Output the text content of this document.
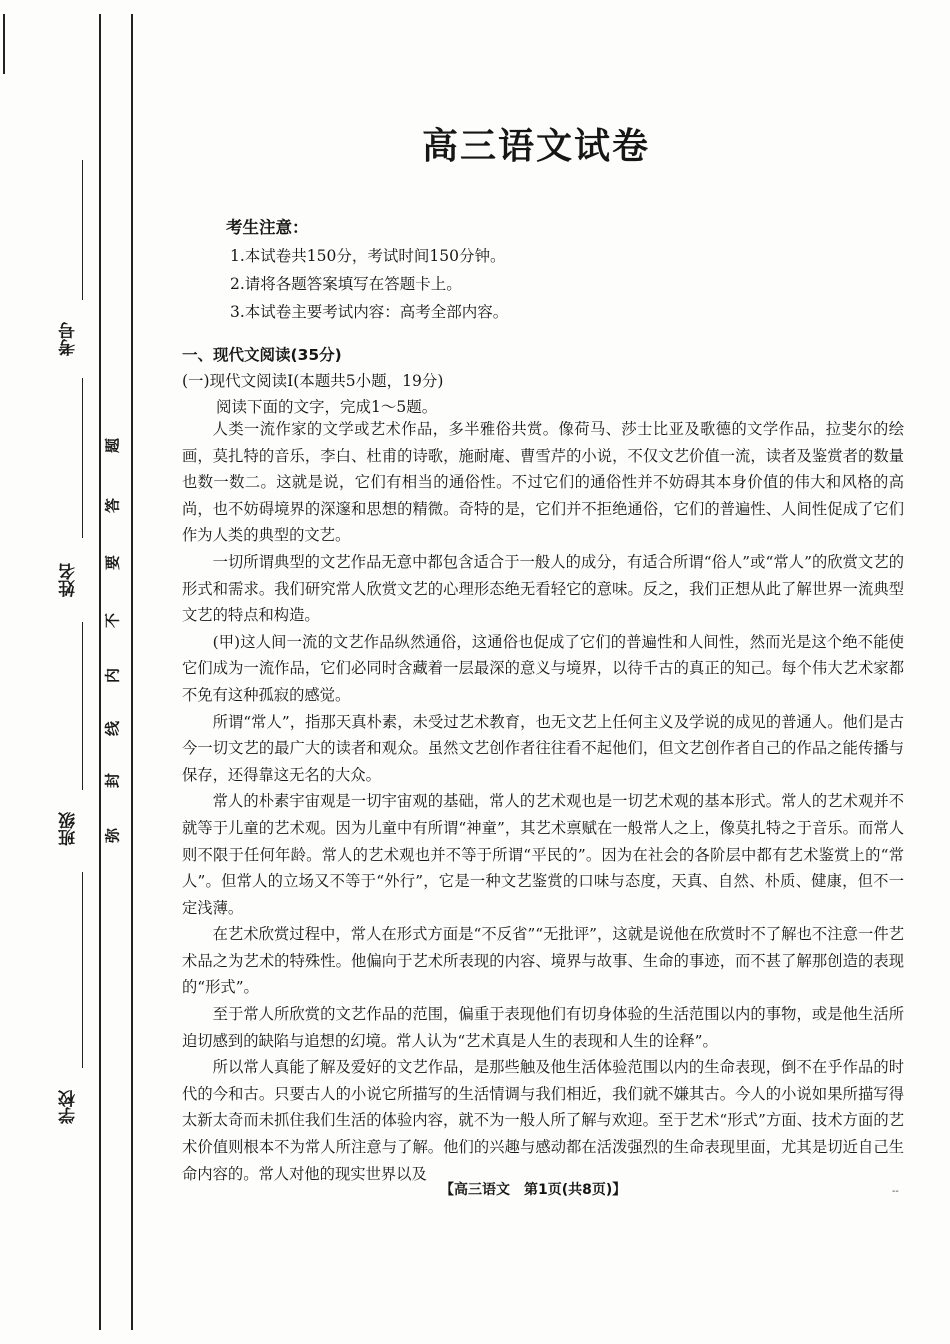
考号
姓名
班级
学校
弥
封
线
内
不
要
答
题
高三语文试卷
考生注意：
1.本试卷共150分，考试时间150分钟。
2.请将各题答案填写在答题卡上。
3.本试卷主要考试内容：高考全部内容。
一、现代文阅读(35分)
(一)现代文阅读Ⅰ(本题共5小题，19分)
阅读下面的文字，完成1～5题。

人类一流作家的文学或艺术作品，多半雅俗共赏。像荷马、莎士比亚及歌德的文学作品，拉斐尔的绘画，莫扎特的音乐，李白、杜甫的诗歌，施耐庵、曹雪芹的小说，不仅文艺价值一流，读者及鉴赏者的数量也数一数二。这就是说，它们有相当的通俗性。不过它们的通俗性并不妨碍其本身价值的伟大和风格的高尚，也不妨碍境界的深邃和思想的精微。奇特的是，它们并不拒绝通俗，它们的普遍性、人间性促成了它们作为人类的典型的文艺。

一切所谓典型的文艺作品无意中都包含适合于一般人的成分，有适合所谓“俗人”或“常人”的欣赏文艺的形式和需求。我们研究常人欣赏文艺的心理形态绝无看轻它的意味。反之，我们正想从此了解世界一流典型文艺的特点和构造。

(甲)这人间一流的文艺作品纵然通俗，这通俗也促成了它们的普遍性和人间性，然而光是这个绝不能使它们成为一流作品，它们必同时含藏着一层最深的意义与境界，以待千古的真正的知己。每个伟大艺术家都不免有这种孤寂的感觉。

所谓“常人”，指那天真朴素，未受过艺术教育，也无文艺上任何主义及学说的成见的普通人。他们是古今一切文艺的最广大的读者和观众。虽然文艺创作者往往看不起他们，但文艺创作者自己的作品之能传播与保存，还得靠这无名的大众。

常人的朴素宇宙观是一切宇宙观的基础，常人的艺术观也是一切艺术观的基本形式。常人的艺术观并不就等于儿童的艺术观。因为儿童中有所谓“神童”，其艺术禀赋在一般常人之上，像莫扎特之于音乐。而常人则不限于任何年龄。常人的艺术观也并不等于所谓“平民的”。因为在社会的各阶层中都有艺术鉴赏上的“常人”。但常人的立场又不等于“外行”，它是一种文艺鉴赏的口味与态度，天真、自然、朴质、健康，但不一定浅薄。

在艺术欣赏过程中，常人在形式方面是“不反省”“无批评”，这就是说他在欣赏时不了解也不注意一件艺术品之为艺术的特殊性。他偏向于艺术所表现的内容、境界与故事、生命的事迹，而不甚了解那创造的表现的“形式”。

至于常人所欣赏的文艺作品的范围，偏重于表现他们有切身体验的生活范围以内的事物，或是他生活所迫切感到的缺陷与追想的幻境。常人认为“艺术真是人生的表现和人生的诠释”。

所以常人真能了解及爱好的文艺作品，是那些触及他生活体验范围以内的生命表现，倒不在乎作品的时代的今和古。只要古人的小说它所描写的生活情调与我们相近，我们就不嫌其古。今人的小说如果所描写得太新太奇而未抓住我们生活的体验内容，就不为一般人所了解与欢迎。至于艺术“形式”方面、技术方面的艺术价值则根本不为常人所注意与了解。他们的兴趣与感动都在活泼强烈的生命表现里面，尤其是切近自己生命内容的。常人对他的现实世界以及

【高三语文　第1页(共8页)】	--
